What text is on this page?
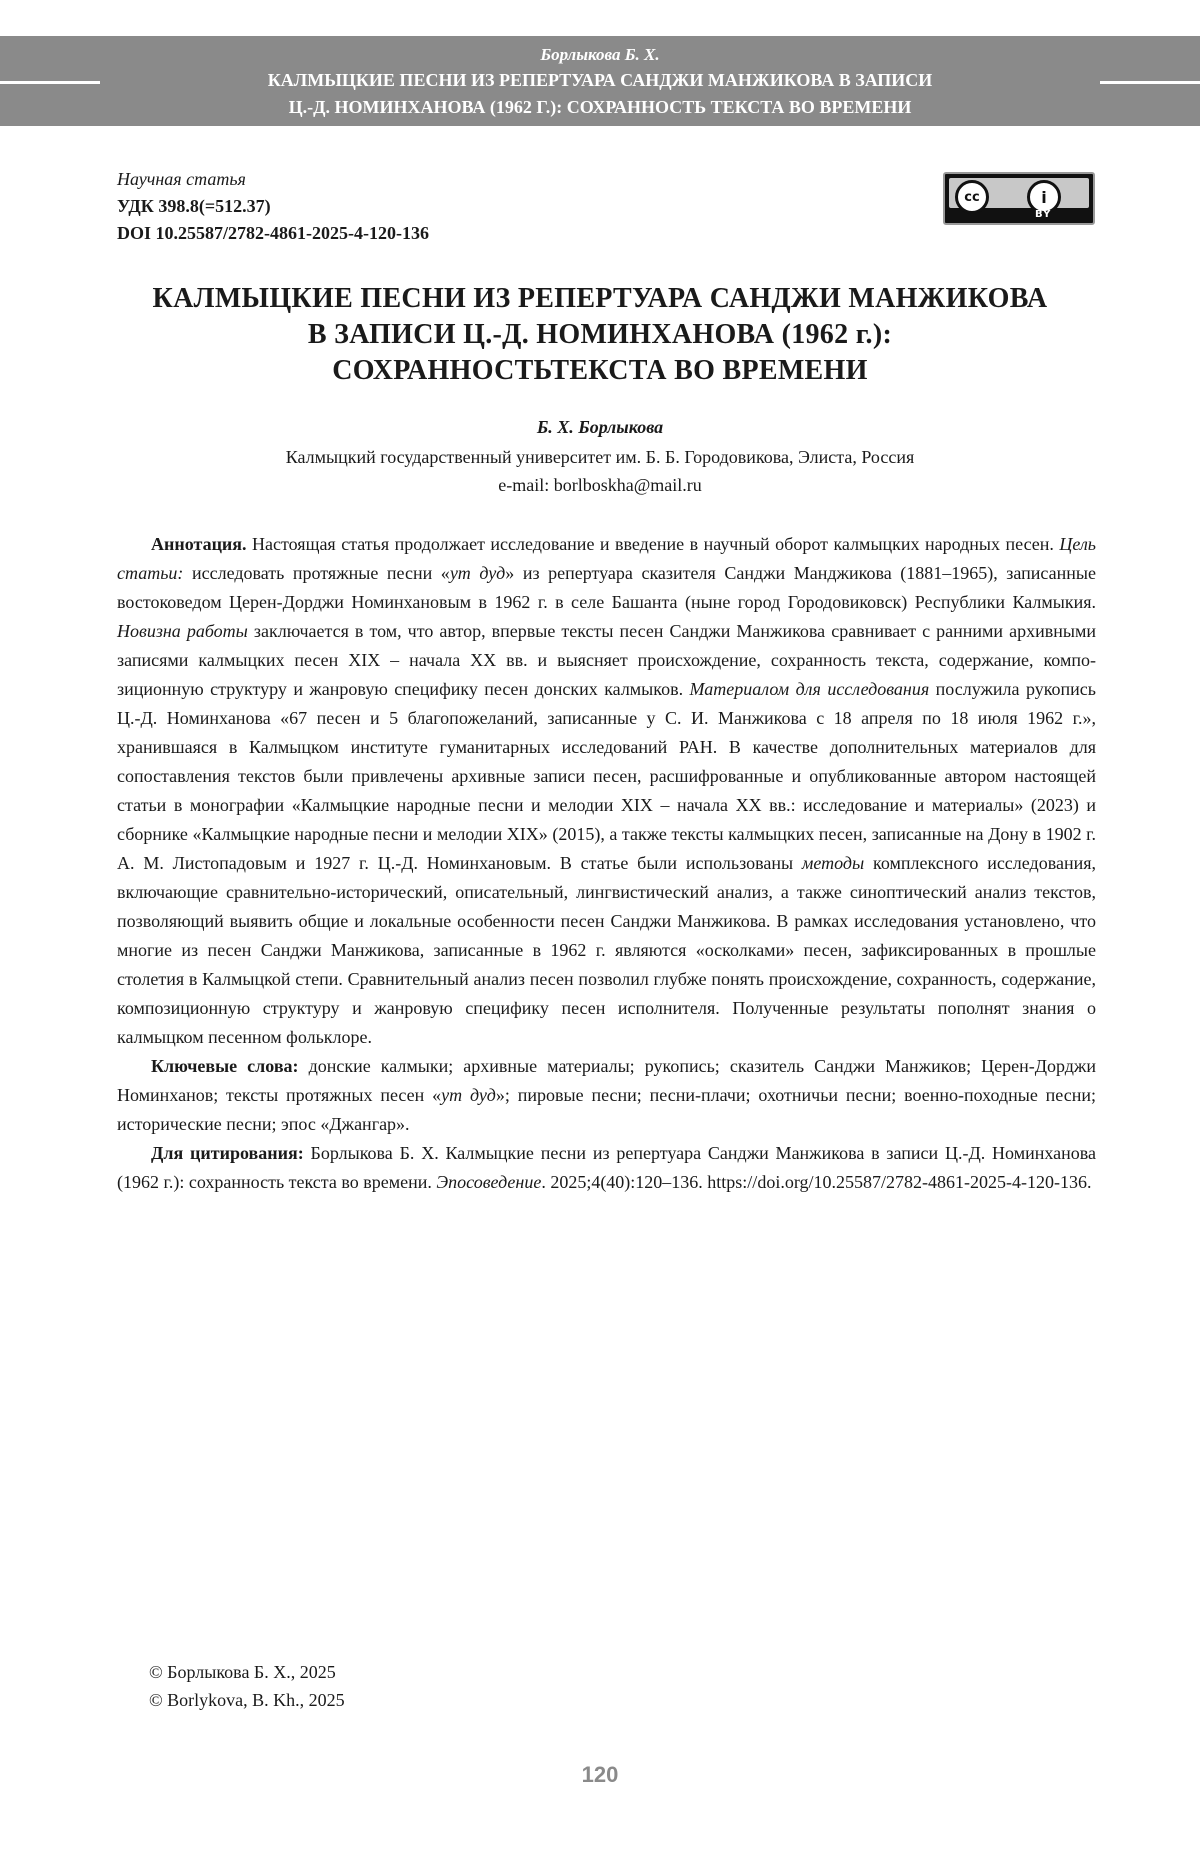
Борлыкова Б. Х.
КАЛМЫЦКИЕ ПЕСНИ ИЗ РЕПЕРТУАРА САНДЖИ МАНЖИКОВА В ЗАПИСИ
Ц.-Д. НОМИНХАНОВА (1962 Г.): СОХРАННОСТЬ ТЕКСТА ВО ВРЕМЕНИ
Научная статья
УДК 398.8(=512.37)
DOI 10.25587/2782-4861-2025-4-120-136
cc	i
BY
КАЛМЫЦКИЕ ПЕСНИ ИЗ РЕПЕРТУАРА САНДЖИ МАНЖИКОВА
В ЗАПИСИ Ц.-Д. НОМИНХАНОВА (1962 г.):
СОХРАННОСТЬТЕКСТА ВО ВРЕМЕНИ
Б. Х. Борлыкова
Калмыцкий государственный университет им. Б. Б. Городовикова, Элиста, Россия
e-mail: borlboskha@mail.ru

Аннотация. Настоящая статья продолжает исследование и введение в научный оборот калмыцких народных песен. Цель статьи: исследовать протяжные песни «ут дуд» из репертуара сказителя Санджи Манджикова (1881–1965), записанные востоковедом Церен-Дорджи Номинхановым в 1962 г. в селе Башанта (ныне город Городовиковск) Республики Калмыкия. Новизна работы заключается в том, что автор, впервые тексты песен Санджи Манжикова сравнивает с ранними архивными записями калмыцких песен XIX – начала XX вв. и выясняет происхождение, сохранность текста, содержание, композиционную структуру и жанровую специфику песен донских калмыков. Материалом для исследования послужила рукопись Ц.-Д. Номинханова «67 песен и 5 благопожеланий, записанные у С. И. Манжикова с 18 апреля по 18 июля 1962 г.», хранившаяся в Калмыцком институте гуманитарных исследований РАН. В качестве дополнительных материалов для сопоставления текстов были привлечены архивные записи песен, расшифрованные и опубликованные автором настоящей статьи в монографии «Калмыцкие народные песни и мелодии XIX – начала XX вв.: исследование и материалы» (2023) и сборнике «Калмыцкие народные песни и мелодии XIX» (2015), а также тексты калмыцких песен, записанные на Дону в 1902 г. А. М. Листопадовым и 1927 г. Ц.-Д. Номинхановым. В статье были использованы методы комплексного исследования, включающие сравнительно-исторический, описательный, лингвистический анализ, а также синоптический анализ текстов, позволяющий выявить общие и локальные особенности песен Санджи Манжикова. В рамках исследования установлено, что многие из песен Санджи Манжикова, записанные в 1962 г. являются «осколками» песен, зафиксированных в прошлые столетия в Калмыцкой степи. Сравнительный анализ песен позволил глубже понять происхождение, сохранность, содержание, композиционную структуру и жанровую специфику песен исполнителя. Полученные результаты пополнят знания о калмыцком песенном фольклоре.

Ключевые слова: донские калмыки; архивные материалы; рукопись; сказитель Санджи Манжиков; Церен-Дорджи Номинханов; тексты протяжных песен «ут дуд»; пировые песни; песни-плачи; охотничьи песни; военно-походные песни; исторические песни; эпос «Джангар».

Для цитирования: Борлыкова Б. Х. Калмыцкие песни из репертуара Санджи Манжикова в записи Ц.-Д. Номинханова (1962 г.): сохранность текста во времени. Эпосоведение. 2025;4(40):120–136. https://doi.org/10.25587/2782-4861-2025-4-120-136.

© Борлыкова Б. Х., 2025
© Borlykova, B. Kh., 2025
120
